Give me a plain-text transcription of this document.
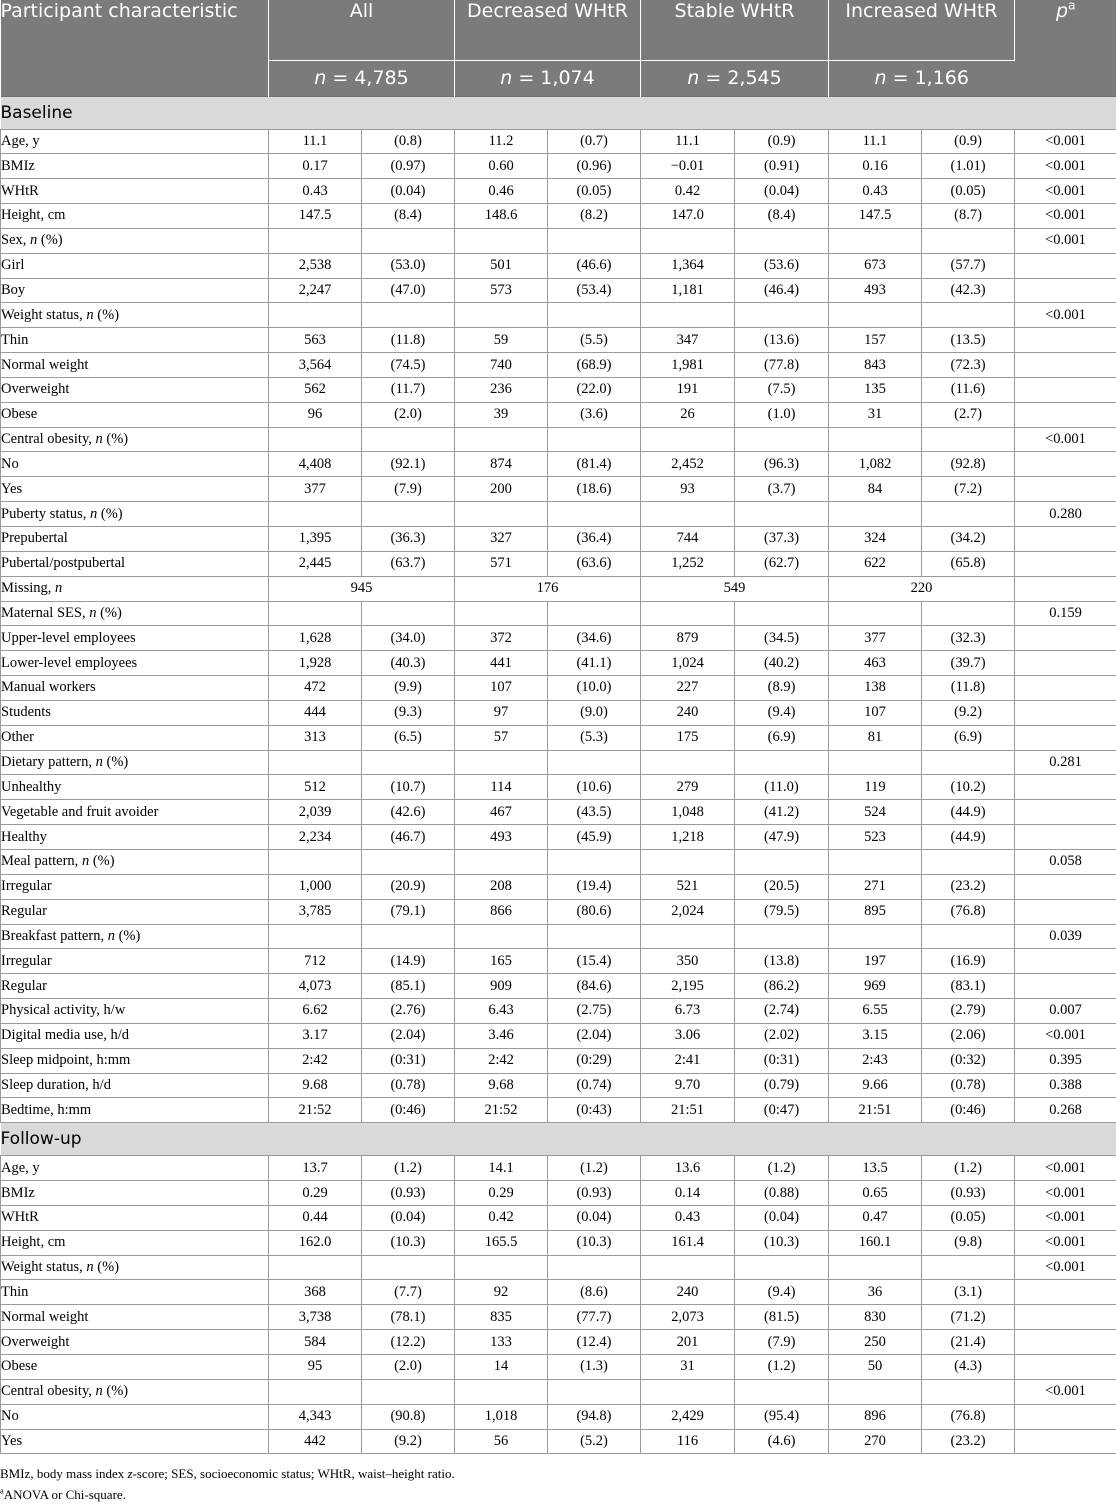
Participant characteristic	All		Decreased WHtR		Stable WHtR		Increased WHtR		$p^a$
	n = 4,785		n = 1,074		n = 2,545		n = 1,166		
Baseline									
Age, y	11.1	(0.8)	11.2	(0.7)	11.1	(0.9)	11.1	(0.9)	<0.001
BMIz	0.17	(0.97)	0.60	(0.96)	−0.01	(0.91)	0.16	(1.01)	<0.001
WHtR	0.43	(0.04)	0.46	(0.05)	0.42	(0.04)	0.43	(0.05)	<0.001
Height, cm	147.5	(8.4)	148.6	(8.2)	147.0	(8.4)	147.5	(8.7)	<0.001
Sex, n (%)									<0.001
Girl	2,538	(53.0)	501	(46.6)	1,364	(53.6)	673	(57.7)	
Boy	2,247	(47.0)	573	(53.4)	1,181	(46.4)	493	(42.3)	
Weight status, n (%)									<0.001
Thin	563	(11.8)	59	(5.5)	347	(13.6)	157	(13.5)	
Normal weight	3,564	(74.5)	740	(68.9)	1,981	(77.8)	843	(72.3)	
Overweight	562	(11.7)	236	(22.0)	191	(7.5)	135	(11.6)	
Obese	96	(2.0)	39	(3.6)	26	(1.0)	31	(2.7)	
Central obesity, n (%)									<0.001
No	4,408	(92.1)	874	(81.4)	2,452	(96.3)	1,082	(92.8)	
Yes	377	(7.9)	200	(18.6)	93	(3.7)	84	(7.2)	
Puberty status, n (%)									0.280
Prepubertal	1,395	(36.3)	327	(36.4)	744	(37.3)	324	(34.2)	
Pubertal/postpubertal	2,445	(63.7)	571	(63.6)	1,252	(62.7)	622	(65.8)	
Missing, n	945		176		549		220		
Maternal SES, n (%)									0.159
Upper-level employees	1,628	(34.0)	372	(34.6)	879	(34.5)	377	(32.3)	
Lower-level employees	1,928	(40.3)	441	(41.1)	1,024	(40.2)	463	(39.7)	
Manual workers	472	(9.9)	107	(10.0)	227	(8.9)	138	(11.8)	
Students	444	(9.3)	97	(9.0)	240	(9.4)	107	(9.2)	
Other	313	(6.5)	57	(5.3)	175	(6.9)	81	(6.9)	
Dietary pattern, n (%)									0.281
Unhealthy	512	(10.7)	114	(10.6)	279	(11.0)	119	(10.2)	
Vegetable and fruit avoider	2,039	(42.6)	467	(43.5)	1,048	(41.2)	524	(44.9)	
Healthy	2,234	(46.7)	493	(45.9)	1,218	(47.9)	523	(44.9)	
Meal pattern, n (%)									0.058
Irregular	1,000	(20.9)	208	(19.4)	521	(20.5)	271	(23.2)	
Regular	3,785	(79.1)	866	(80.6)	2,024	(79.5)	895	(76.8)	
Breakfast pattern, n (%)									0.039
Irregular	712	(14.9)	165	(15.4)	350	(13.8)	197	(16.9)	
Regular	4,073	(85.1)	909	(84.6)	2,195	(86.2)	969	(83.1)	
Physical activity, h/w	6.62	(2.76)	6.43	(2.75)	6.73	(2.74)	6.55	(2.79)	0.007
Digital media use, h/d	3.17	(2.04)	3.46	(2.04)	3.06	(2.02)	3.15	(2.06)	<0.001
Sleep midpoint, h:mm	2:42	(0:31)	2:42	(0:29)	2:41	(0:31)	2:43	(0:32)	0.395
Sleep duration, h/d	9.68	(0.78)	9.68	(0.74)	9.70	(0.79)	9.66	(0.78)	0.388
Bedtime, h:mm	21:52	(0:46)	21:52	(0:43)	21:51	(0:47)	21:51	(0:46)	0.268
Follow-up									
Age, y	13.7	(1.2)	14.1	(1.2)	13.6	(1.2)	13.5	(1.2)	<0.001
BMIz	0.29	(0.93)	0.29	(0.93)	0.14	(0.88)	0.65	(0.93)	<0.001
WHtR	0.44	(0.04)	0.42	(0.04)	0.43	(0.04)	0.47	(0.05)	<0.001
Height, cm	162.0	(10.3)	165.5	(10.3)	161.4	(10.3)	160.1	(9.8)	<0.001
Weight status, n (%)									<0.001
Thin	368	(7.7)	92	(8.6)	240	(9.4)	36	(3.1)	
Normal weight	3,738	(78.1)	835	(77.7)	2,073	(81.5)	830	(71.2)	
Overweight	584	(12.2)	133	(12.4)	201	(7.9)	250	(21.4)	
Obese	95	(2.0)	14	(1.3)	31	(1.2)	50	(4.3)	
Central obesity, n (%)									<0.001
No	4,343	(90.8)	1,018	(94.8)	2,429	(95.4)	896	(76.8)	
Yes	442	(9.2)	56	(5.2)	116	(4.6)	270	(23.2)	
BMIz, body mass index z-score; SES, socioeconomic status; WHtR, waist–height ratio.
$^a$ANOVA or Chi-square.
